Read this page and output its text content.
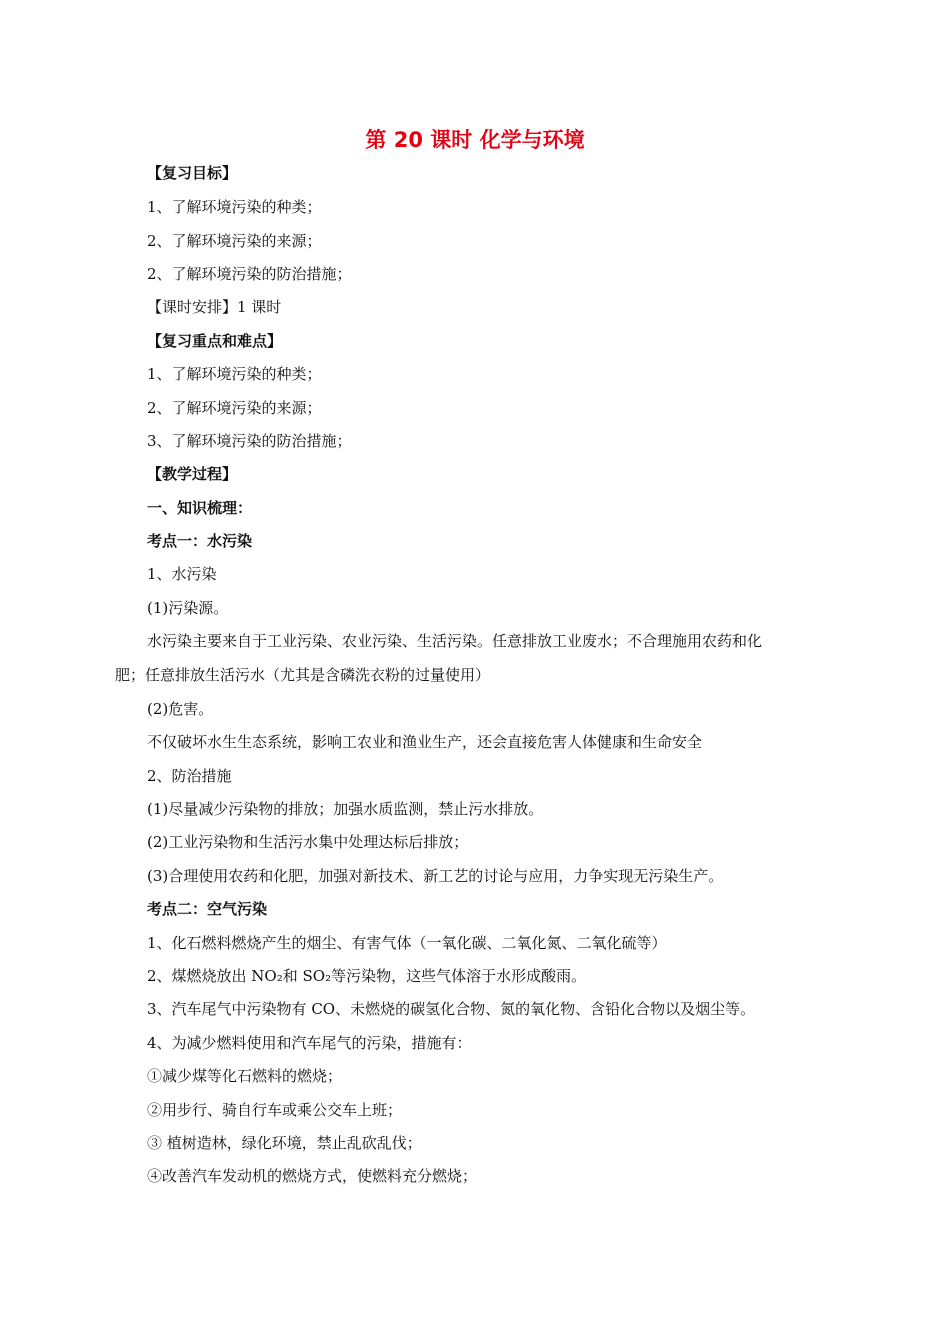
第 20 课时 化学与环境
【复习目标】
1、了解环境污染的种类；
2、了解环境污染的来源；
2、了解环境污染的防治措施；
【课时安排】1 课时
【复习重点和难点】
1、了解环境污染的种类；
2、了解环境污染的来源；
3、了解环境污染的防治措施；
【教学过程】
一、知识梳理：
考点一：水污染
1、水污染
(1)污染源。
水污染主要来自于工业污染、农业污染、生活污染。任意排放工业废水；不合理施用农药和化
肥；任意排放生活污水（尤其是含磷洗衣粉的过量使用）
(2)危害。
不仅破坏水生生态系统，影响工农业和渔业生产，还会直接危害人体健康和生命安全
2、防治措施
(1)尽量减少污染物的排放；加强水质监测，禁止污水排放。
(2)工业污染物和生活污水集中处理达标后排放；
(3)合理使用农药和化肥，加强对新技术、新工艺的讨论与应用，力争实现无污染生产。
考点二：空气污染
1、化石燃料燃烧产生的烟尘、有害气体（一氧化碳、二氧化氮、二氧化硫等）
2、煤燃烧放出 NO₂和 SO₂等污染物，这些气体溶于水形成酸雨。
3、汽车尾气中污染物有 CO、未燃烧的碳氢化合物、氮的氧化物、含铅化合物以及烟尘等。
4、为减少燃料使用和汽车尾气的污染，措施有：
①减少煤等化石燃料的燃烧；
②用步行、骑自行车或乘公交车上班；
③ 植树造林，绿化环境，禁止乱砍乱伐；
④改善汽车发动机的燃烧方式，使燃料充分燃烧；
